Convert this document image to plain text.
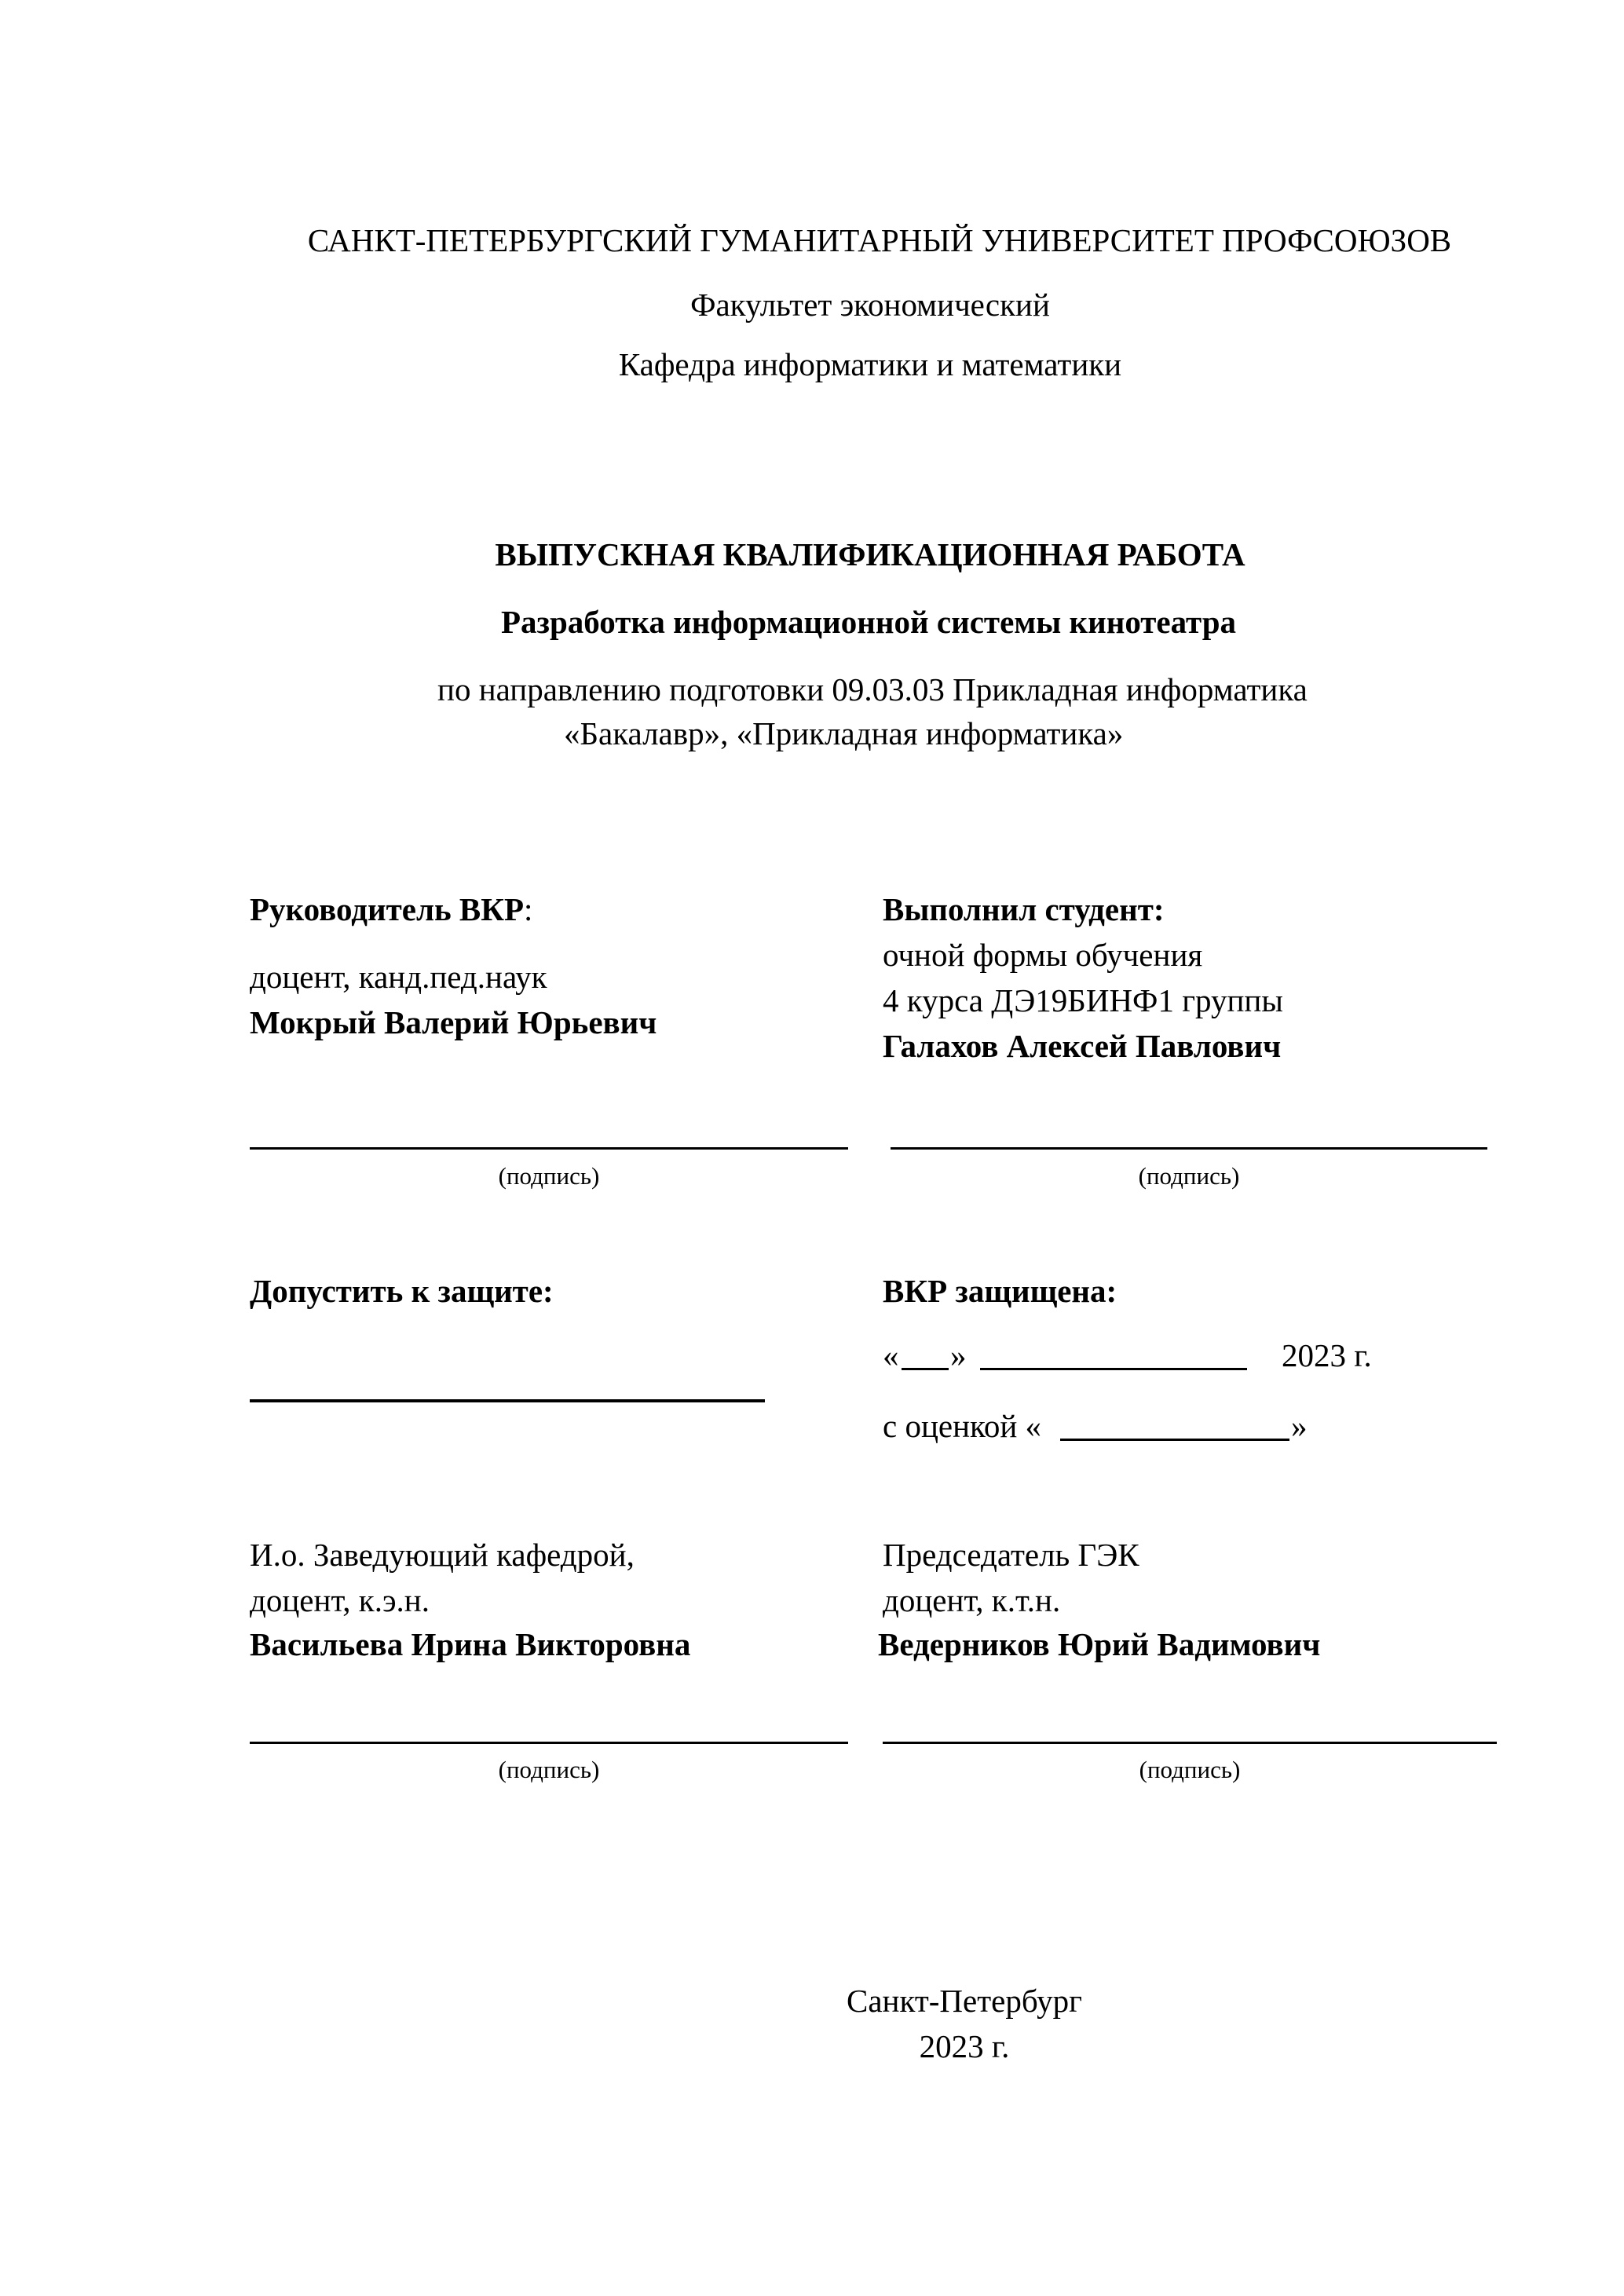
САНКТ-ПЕТЕРБУРГСКИЙ ГУМАНИТАРНЫЙ УНИВЕРСИТЕТ ПРОФСОЮЗОВ
Факультет экономический
Кафедра информатики и математики
ВЫПУСКНАЯ КВАЛИФИКАЦИОННАЯ РАБОТА
Разработка информационной системы кинотеатра
по направлению подготовки 09.03.03 Прикладная информатика
«Бакалавр», «Прикладная информатика»
Руководитель ВКР:
доцент, канд.пед.наук
Мокрый Валерий Юрьевич
Выполнил студент:
очной формы обучения
4 курса ДЭ19БИНФ1 группы
Галахов Алексей Павлович
(подпись)	(подпись)
Допустить к защите:	ВКР защищена:
« »	2023 г.
с оценкой «	»
И.о. Заведующий кафедрой,
доцент, к.э.н.
Васильева Ирина Викторовна
Председатель ГЭК
доцент, к.т.н.
Ведерников Юрий Вадимович
(подпись)	(подпись)
Санкт-Петербург
2023 г.
